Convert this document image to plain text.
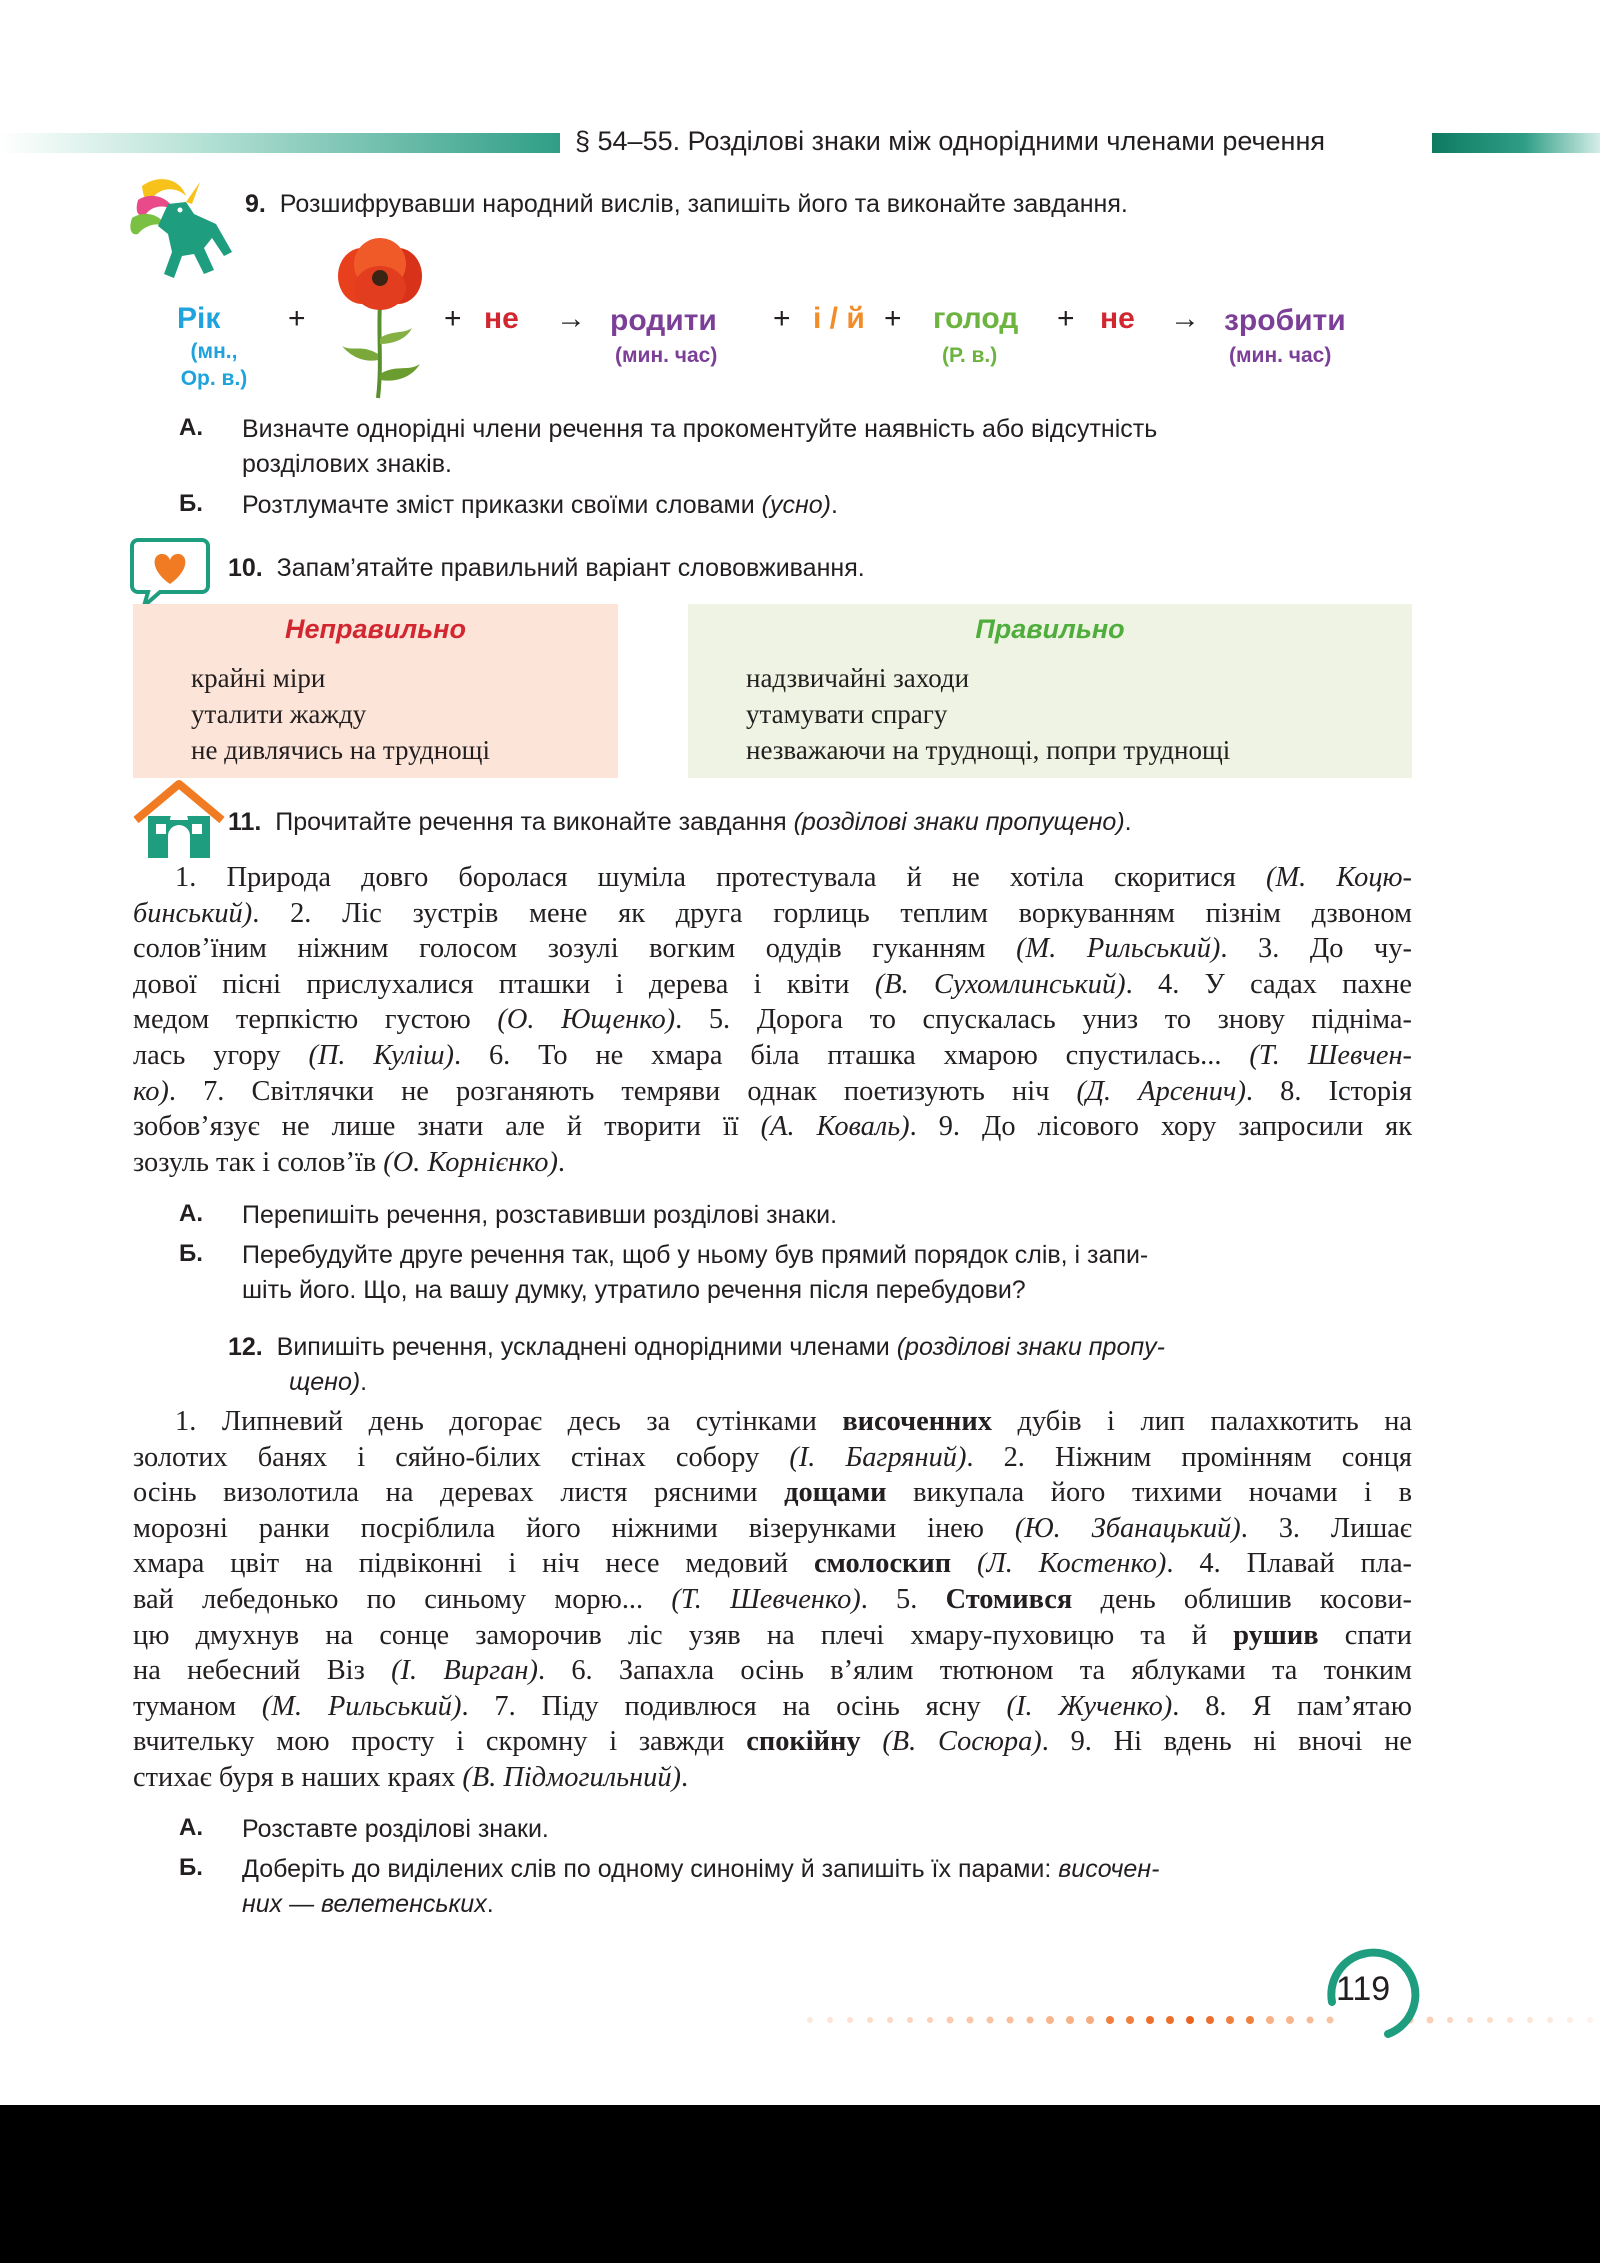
§ 54–55. Розділові знаки між однорідними членами речення
9. Розшифрувавши народний вислів, запишіть його та виконайте завдання.
Рік
(мн.,
Ор. в.)
+	+ не → родити
(мин. час)
+ і / й + голод
(Р. в.)
+ не → зробити
(мин. час)
А. Визначте однорідні члени речення та прокоментуйте наявність або відсутність
розділових знаків.
Б. Розтлумачте зміст приказки своїми словами (усно).
10. Запам’ятайте правильний варіант слововживання.
Неправильно
крайні міри
уталити жажду
не дивлячись на труднощі
Правильно
надзвичайні заходи
утамувати спрагу
незважаючи на труднощі, попри труднощі
11. Прочитайте речення та виконайте завдання (розділові знаки пропущено).
1. Природа довго боролася шуміла протестувала й не хотіла скоритися (М. Коцю-
бинський). 2. Ліс зустрів мене як друга горлиць теплим воркуванням пізнім дзвоном
солов’їним ніжним голосом зозулі вогким одудів гуканням (М. Рильський). 3. До чу-
дової пісні прислухалися пташки і дерева і квіти (В. Сухомлинський). 4. У садах пахне
медом терпкістю густою (О. Ющенко). 5. Дорога то спускалась униз то знову підніма-
лась угору (П. Куліш). 6. То не хмара біла пташка хмарою спустилась... (Т. Шевчен-
ко). 7. Світлячки не розганяють темряви однак поетизують ніч (Д. Арсенич). 8. Історія
зобов’язує не лише знати але й творити її (А. Коваль). 9. До лісового хору запросили як
зозуль так і солов’їв (О. Корнієнко).
А. Перепишіть речення, розставивши розділові знаки.
Б. Перебудуйте друге речення так, щоб у ньому був прямий порядок слів, і запи-
шіть його. Що, на вашу думку, утратило речення після перебудови?
12. Випишіть речення, ускладнені однорідними членами (розділові знаки пропу-
щено).
1. Липневий день догорає десь за сутінками височенних дубів і лип палахкотить на
золотих банях і сяйно-білих стінах собору (І. Багряний). 2. Ніжним промінням сонця
осінь визолотила на деревах листя рясними дощами викупала його тихими ночами і в
морозні ранки посріблила його ніжними візерунками інею (Ю. Збанацький). 3. Лишає
хмара цвіт на підвіконні і ніч несе медовий смолоскип (Л. Костенко). 4. Плавай пла-
вай лебедонько по синьому морю... (Т. Шевченко). 5. Стомився день облишив косови-
цю дмухнув на сонце заморочив ліс узяв на плечі хмару-пуховицю та й рушив спати
на небесний Віз (І. Вирган). 6. Запахла осінь в’ялим тютюном та яблуками та тонким
туманом (М. Рильський). 7. Піду подивлюся на осінь ясну (І. Жученко). 8. Я пам’ятаю
вчительку мою просту і скромну і завжди спокійну (В. Сосюра). 9. Ні вдень ні вночі не
стихає буря в наших краях (В. Підмогильний).
А. Розставте розділові знаки.
Б. Доберіть до виділених слів по одному синоніму й запишіть їх парами: височен-
них — велетенських.
119
